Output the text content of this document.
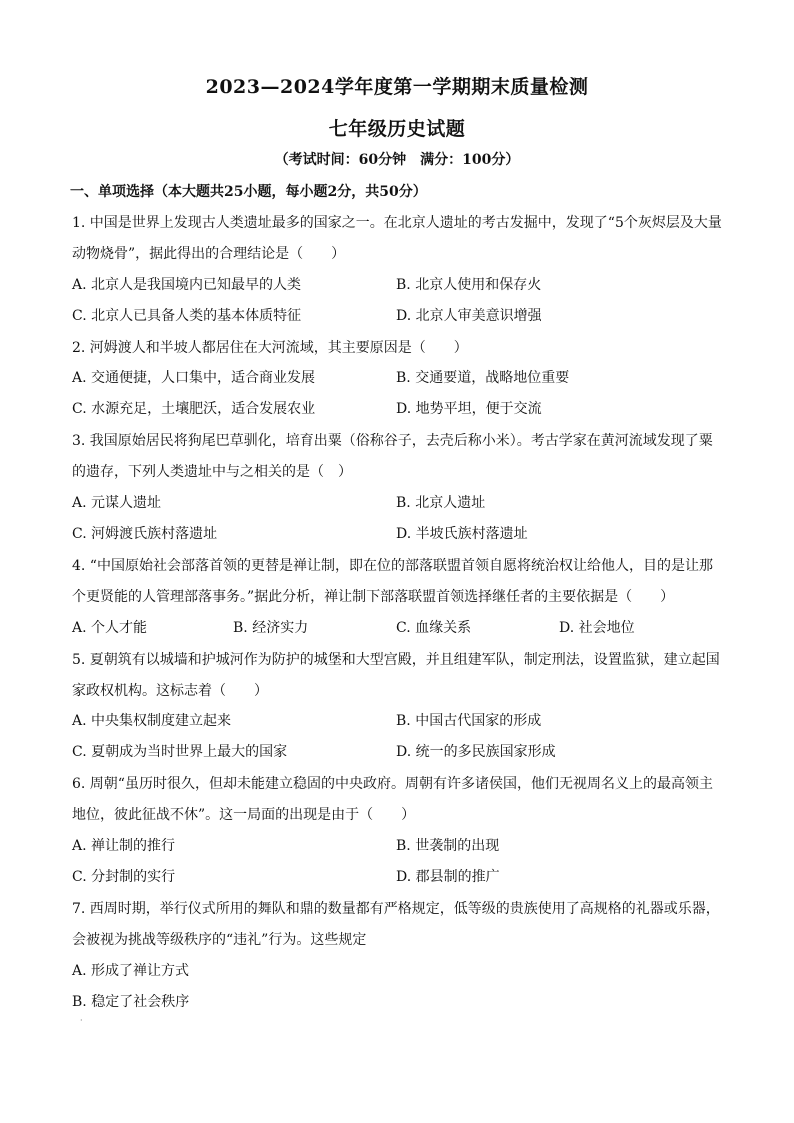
2023—2024学年度第一学期期末质量检测
七年级历史试题
（考试时间：60分钟　满分：100分）
一、单项选择（本大题共25小题，每小题2分，共50分）
1. 中国是世界上发现古人类遗址最多的国家之一。在北京人遗址的考古发掘中，发现了“5个灰烬层及大量动物烧骨”，据此得出的合理结论是（　　）
A. 北京人是我国境内已知最早的人类	B. 北京人使用和保存火
C. 北京人已具备人类的基本体质特征	D. 北京人审美意识增强
2. 河姆渡人和半坡人都居住在大河流域，其主要原因是（　　）
A. 交通便捷，人口集中，适合商业发展	B. 交通要道，战略地位重要
C. 水源充足，土壤肥沃，适合发展农业	D. 地势平坦，便于交流
3. 我国原始居民将狗尾巴草驯化，培育出粟（俗称谷子，去壳后称小米）。考古学家在黄河流域发现了粟的遗存，下列人类遗址中与之相关的是（　）
A. 元谋人遗址	B. 北京人遗址
C. 河姆渡氏族村落遗址	D. 半坡氏族村落遗址
4. “中国原始社会部落首领的更替是禅让制，即在位的部落联盟首领自愿将统治权让给他人，目的是让那个更贤能的人管理部落事务。”据此分析，禅让制下部落联盟首领选择继任者的主要依据是（　　）
A. 个人才能	B. 经济实力	C. 血缘关系	D. 社会地位
5. 夏朝筑有以城墙和护城河作为防护的城堡和大型宫殿，并且组建军队，制定刑法，设置监狱，建立起国家政权机构。这标志着（　　）
A. 中央集权制度建立起来	B. 中国古代国家的形成
C. 夏朝成为当时世界上最大的国家	D. 统一的多民族国家形成
6. 周朝“虽历时很久，但却未能建立稳固的中央政府。周朝有许多诸侯国，他们无视周名义上的最高领主地位，彼此征战不休”。这一局面的出现是由于（　　）
A. 禅让制的推行	B. 世袭制的出现
C. 分封制的实行	D. 郡县制的推广
7. 西周时期，举行仪式所用的舞队和鼎的数量都有严格规定，低等级的贵族使用了高规格的礼器或乐器，会被视为挑战等级秩序的“违礼”行为。这些规定
A. 形成了禅让方式
B. 稳定了社会秩序
·
